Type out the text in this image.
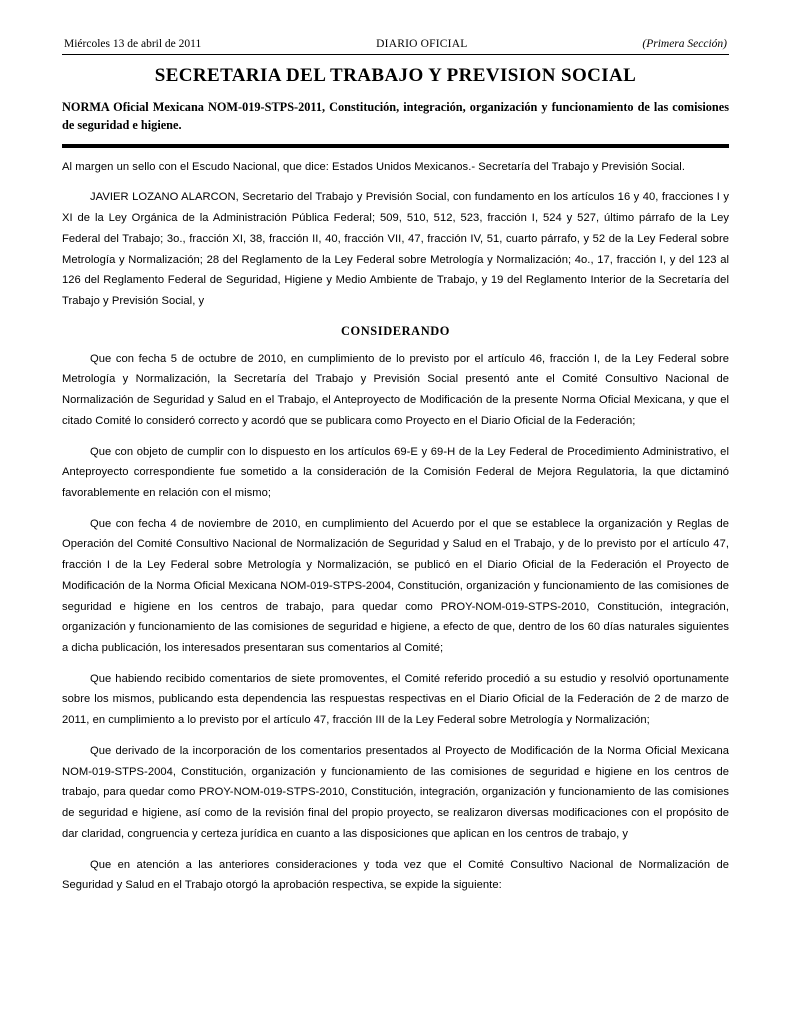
Miércoles 13 de abril de 2011	DIARIO OFICIAL	(Primera Sección)
SECRETARIA DEL TRABAJO Y PREVISION SOCIAL
NORMA Oficial Mexicana NOM-019-STPS-2011, Constitución, integración, organización y funcionamiento de las comisiones de seguridad e higiene.

Al margen un sello con el Escudo Nacional, que dice: Estados Unidos Mexicanos.- Secretaría del Trabajo y Previsión Social.

JAVIER LOZANO ALARCON, Secretario del Trabajo y Previsión Social, con fundamento en los artículos 16 y 40, fracciones I y XI de la Ley Orgánica de la Administración Pública Federal; 509, 510, 512, 523, fracción I, 524 y 527, último párrafo de la Ley Federal del Trabajo; 3o., fracción XI, 38, fracción II, 40, fracción VII, 47, fracción IV, 51, cuarto párrafo, y 52 de la Ley Federal sobre Metrología y Normalización; 28 del Reglamento de la Ley Federal sobre Metrología y Normalización; 4o., 17, fracción I, y del 123 al 126 del Reglamento Federal de Seguridad, Higiene y Medio Ambiente de Trabajo, y 19 del Reglamento Interior de la Secretaría del Trabajo y Previsión Social, y

CONSIDERANDO

Que con fecha 5 de octubre de 2010, en cumplimiento de lo previsto por el artículo 46, fracción I, de la Ley Federal sobre Metrología y Normalización, la Secretaría del Trabajo y Previsión Social presentó ante el Comité Consultivo Nacional de Normalización de Seguridad y Salud en el Trabajo, el Anteproyecto de Modificación de la presente Norma Oficial Mexicana, y que el citado Comité lo consideró correcto y acordó que se publicara como Proyecto en el Diario Oficial de la Federación;

Que con objeto de cumplir con lo dispuesto en los artículos 69-E y 69-H de la Ley Federal de Procedimiento Administrativo, el Anteproyecto correspondiente fue sometido a la consideración de la Comisión Federal de Mejora Regulatoria, la que dictaminó favorablemente en relación con el mismo;

Que con fecha 4 de noviembre de 2010, en cumplimiento del Acuerdo por el que se establece la organización y Reglas de Operación del Comité Consultivo Nacional de Normalización de Seguridad y Salud en el Trabajo, y de lo previsto por el artículo 47, fracción I de la Ley Federal sobre Metrología y Normalización, se publicó en el Diario Oficial de la Federación el Proyecto de Modificación de la Norma Oficial Mexicana NOM-019-STPS-2004, Constitución, organización y funcionamiento de las comisiones de seguridad e higiene en los centros de trabajo, para quedar como PROY-NOM-019-STPS-2010, Constitución, integración, organización y funcionamiento de las comisiones de seguridad e higiene, a efecto de que, dentro de los 60 días naturales siguientes a dicha publicación, los interesados presentaran sus comentarios al Comité;

Que habiendo recibido comentarios de siete promoventes, el Comité referido procedió a su estudio y resolvió oportunamente sobre los mismos, publicando esta dependencia las respuestas respectivas en el Diario Oficial de la Federación de 2 de marzo de 2011, en cumplimiento a lo previsto por el artículo 47, fracción III de la Ley Federal sobre Metrología y Normalización;

Que derivado de la incorporación de los comentarios presentados al Proyecto de Modificación de la Norma Oficial Mexicana NOM-019-STPS-2004, Constitución, organización y funcionamiento de las comisiones de seguridad e higiene en los centros de trabajo, para quedar como PROY-NOM-019-STPS-2010, Constitución, integración, organización y funcionamiento de las comisiones de seguridad e higiene, así como de la revisión final del propio proyecto, se realizaron diversas modificaciones con el propósito de dar claridad, congruencia y certeza jurídica en cuanto a las disposiciones que aplican en los centros de trabajo, y

Que en atención a las anteriores consideraciones y toda vez que el Comité Consultivo Nacional de Normalización de Seguridad y Salud en el Trabajo otorgó la aprobación respectiva, se expide la siguiente:
